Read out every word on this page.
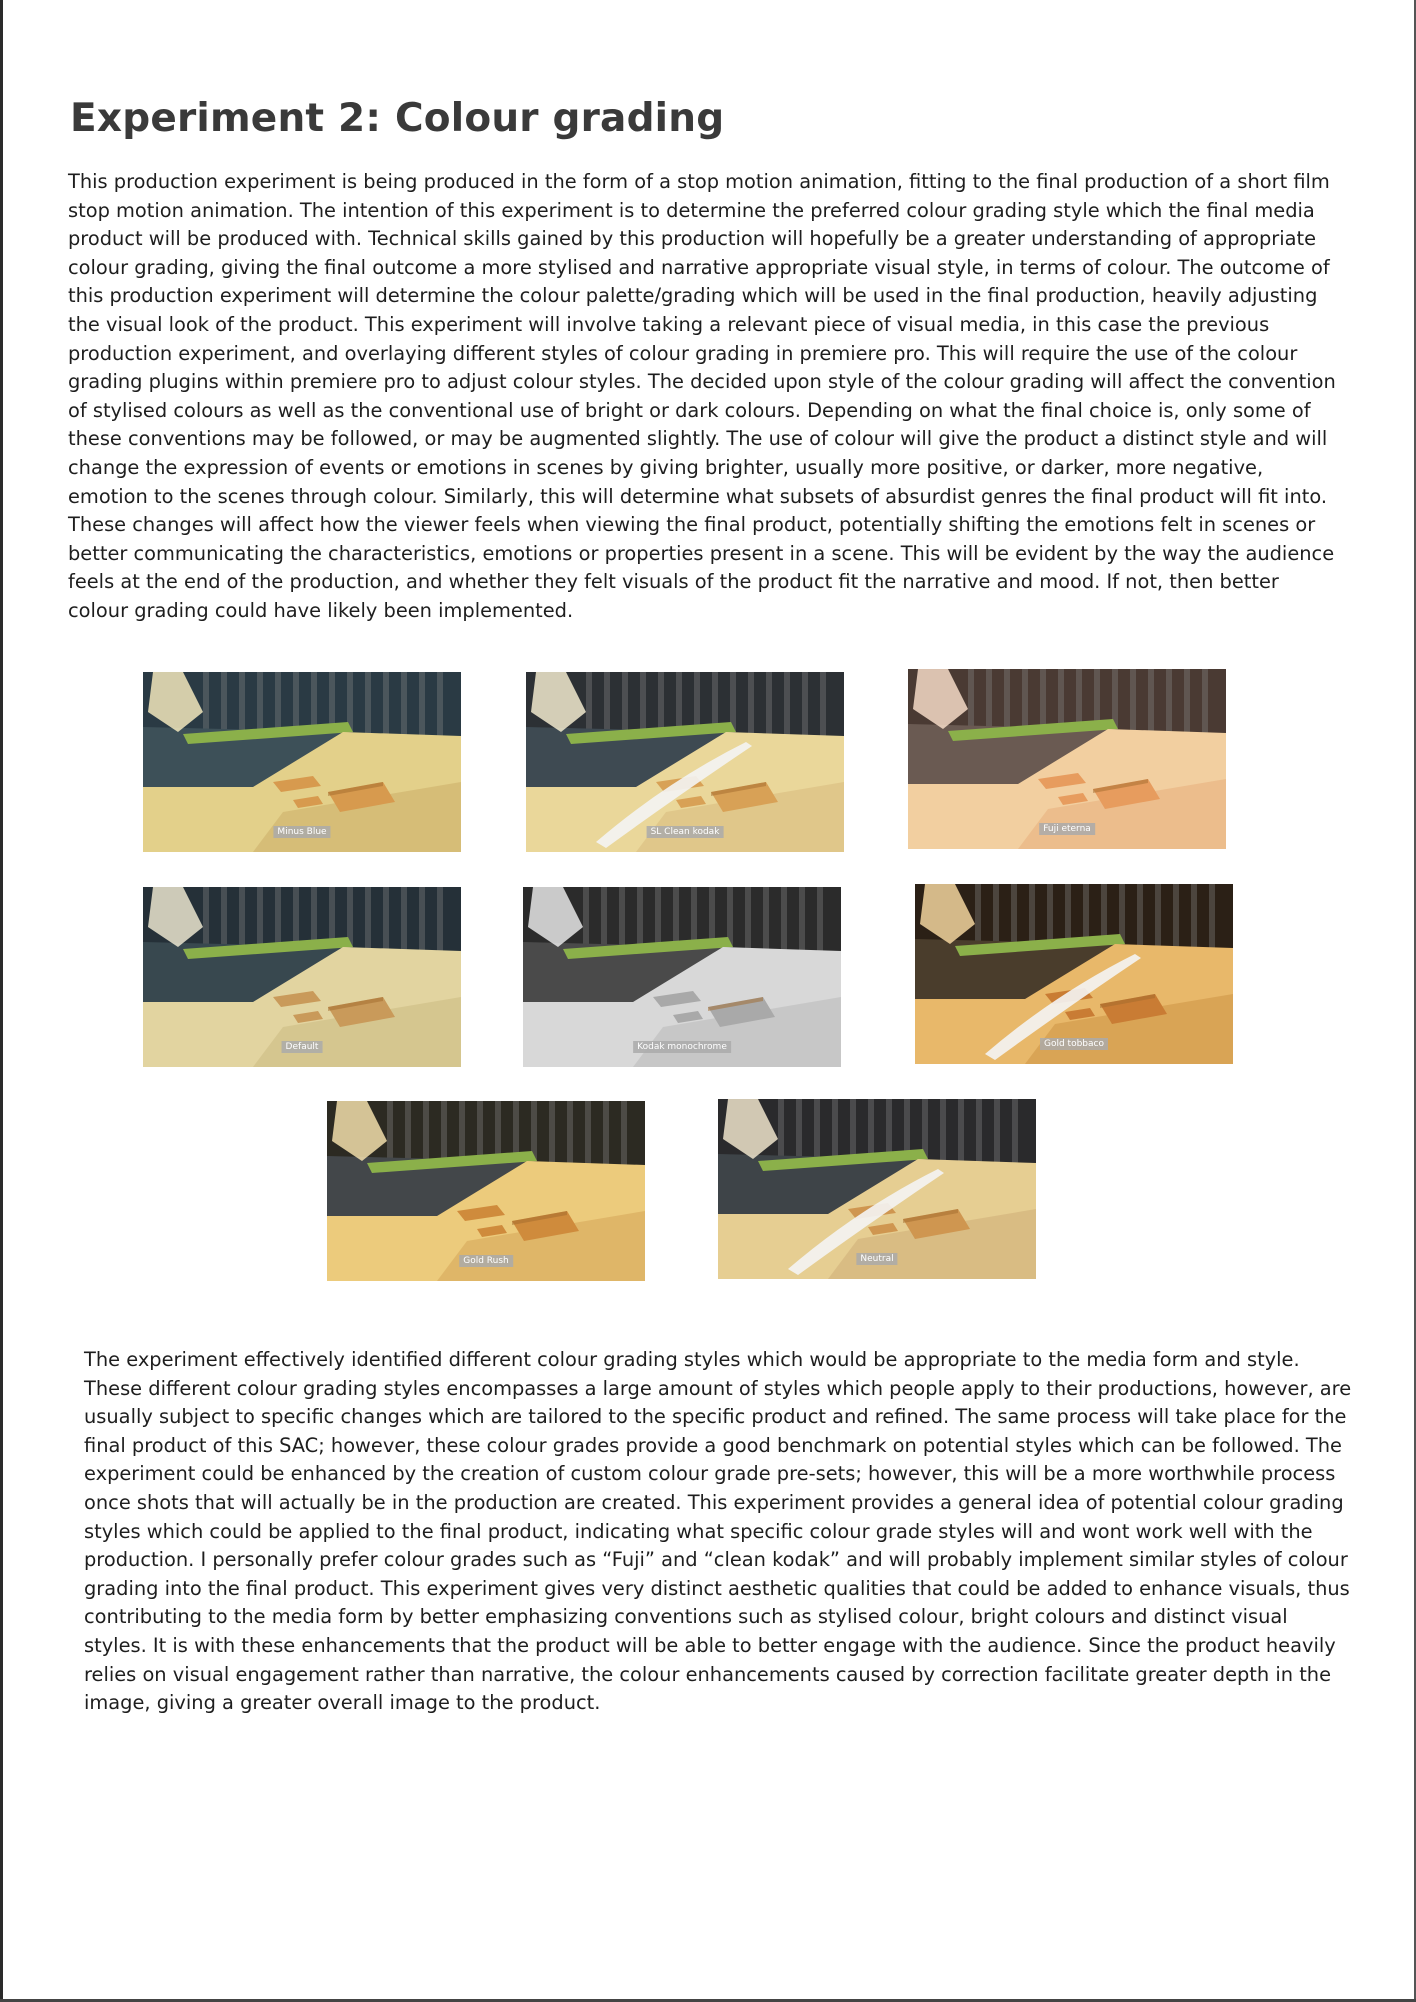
Experiment 2: Colour grading

This production experiment is being produced in the form of a stop motion animation, fitting to the final production of a short film stop motion animation. The intention of this experiment is to determine the preferred colour grading style which the final media product will be produced with. Technical skills gained by this production will hopefully be a greater understanding of appropriate colour grading, giving the final outcome a more stylised and narrative appropriate visual style, in terms of colour. The outcome of this production experiment will determine the colour palette/grading which will be used in the final production, heavily adjusting the visual look of the product. This experiment will involve taking a relevant piece of visual media, in this case the previous production experiment, and overlaying different styles of colour grading in premiere pro. This will require the use of the colour grading plugins within premiere pro to adjust colour styles. The decided upon style of the colour grading will affect the convention of stylised colours as well as the conventional use of bright or dark colours. Depending on what the final choice is, only some of these conventions may be followed, or may be augmented slightly. The use of colour will give the product a distinct style and will change the expression of events or emotions in scenes by giving brighter, usually more positive, or darker, more negative, emotion to the scenes through colour. Similarly, this will determine what subsets of absurdist genres the final product will fit into. These changes will affect how the viewer feels when viewing the final product, potentially shifting the emotions felt in scenes or better communicating the characteristics, emotions or properties present in a scene. This will be evident by the way the audience feels at the end of the production, and whether they felt visuals of the product fit the narrative and mood. If not, then better colour grading could have likely been implemented.

Minus Blue	SL Clean kodak	Fuji eterna
Default	Kodak monochrome	Gold tobbaco
Gold Rush	Neutral

The experiment effectively identified different colour grading styles which would be appropriate to the media form and style. These different colour grading styles encompasses a large amount of styles which people apply to their productions, however, are usually subject to specific changes which are tailored to the specific product and refined. The same process will take place for the final product of this SAC; however, these colour grades provide a good benchmark on potential styles which can be followed. The experiment could be enhanced by the creation of custom colour grade pre-sets; however, this will be a more worthwhile process once shots that will actually be in the production are created. This experiment provides a general idea of potential colour grading styles which could be applied to the final product, indicating what specific colour grade styles will and wont work well with the production. I personally prefer colour grades such as “Fuji” and “clean kodak” and will probably implement similar styles of colour grading into the final product. This experiment gives very distinct aesthetic qualities that could be added to enhance visuals, thus contributing to the media form by better emphasizing conventions such as stylised colour, bright colours and distinct visual styles. It is with these enhancements that the product will be able to better engage with the audience. Since the product heavily relies on visual engagement rather than narrative, the colour enhancements caused by correction facilitate greater depth in the image, giving a greater overall image to the product.
